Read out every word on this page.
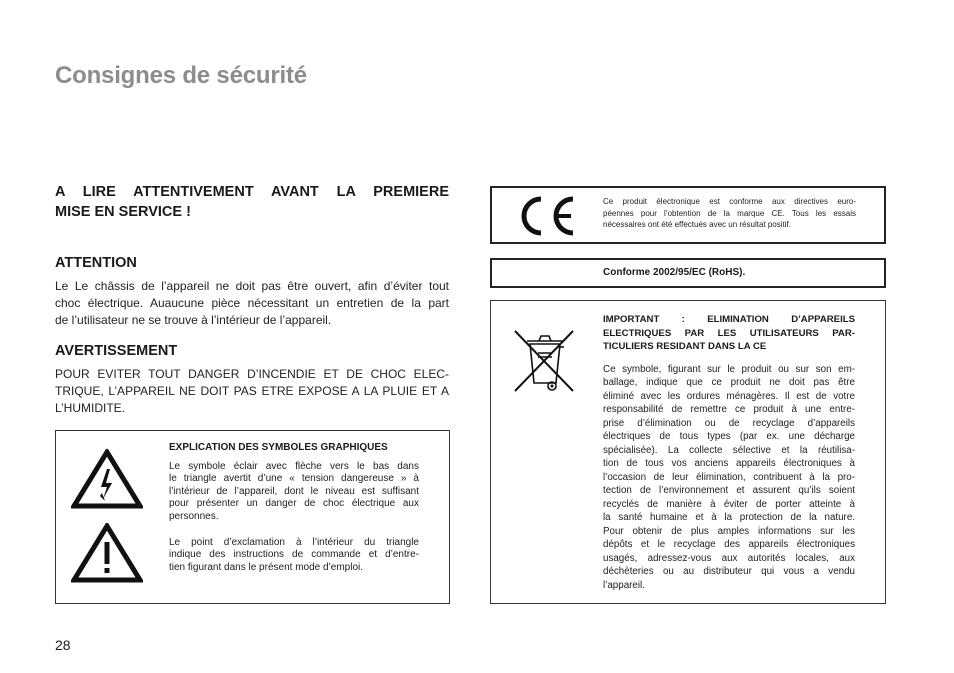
Consignes de sécurité
A LIRE ATTENTIVEMENT AVANT LA PREMIERE
MISE EN SERVICE !
ATTENTION
Le Le châssis de l’appareil ne doit pas être ouvert, afin d’éviter tout
choc électrique. Auaucune pièce nécessitant un entretien de la part
de l’utilisateur ne se trouve à l’intérieur de l’appareil.
AVERTISSEMENT
POUR EVITER TOUT DANGER D’INCENDIE ET DE CHOC ELEC-
TRIQUE, L’APPAREIL NE DOIT PAS ETRE EXPOSE A LA PLUIE ET A
L’HUMIDITE.
EXPLICATION DES SYMBOLES GRAPHIQUES
Le symbole éclair avec flèche vers le bas dans
le triangle avertit d’une « tension dangereuse » à
l’intérieur de l’appareil, dont le niveau est suffisant
pour présenter un danger de choc électrique aux
personnes.
Le point d’exclamation à l’intérieur du triangle
indique des instructions de commande et d’entre-
tien figurant dans le présent mode d’emploi.
Ce produit électronique est conforme aux directives euro-
péennes pour l’obtention de la marque CE. Tous les essais
nécessaires ont été effectués avec un résultat positif.
Conforme 2002/95/EC (RoHS).
IMPORTANT : ELIMINATION D’APPAREILS
ELECTRIQUES PAR LES UTILISATEURS PAR-
TICULIERS RESIDANT DANS LA CE
Ce symbole, figurant sur le produit ou sur son em-
ballage, indique que ce produit ne doit pas être
éliminé avec les ordures ménagères. Il est de votre
responsabilité de remettre ce produit à une entre-
prise d’élimination ou de recyclage d’appareils
électriques de tous types (par ex. une décharge
spécialisée). La collecte sélective et la réutilisa-
tion de tous vos anciens appareils électroniques à
l’occasion de leur élimination, contribuent à la pro-
tection de l’environnement et assurent qu’ils soient
recyclés de manière à éviter de porter atteinte à
la santé humaine et à la protection de la nature.
Pour obtenir de plus amples informations sur les
dépôts et le recyclage des appareils électroniques
usagés, adressez-vous aux autorités locales, aux
déchèteries ou au distributeur qui vous a vendu
l’appareil.
28
